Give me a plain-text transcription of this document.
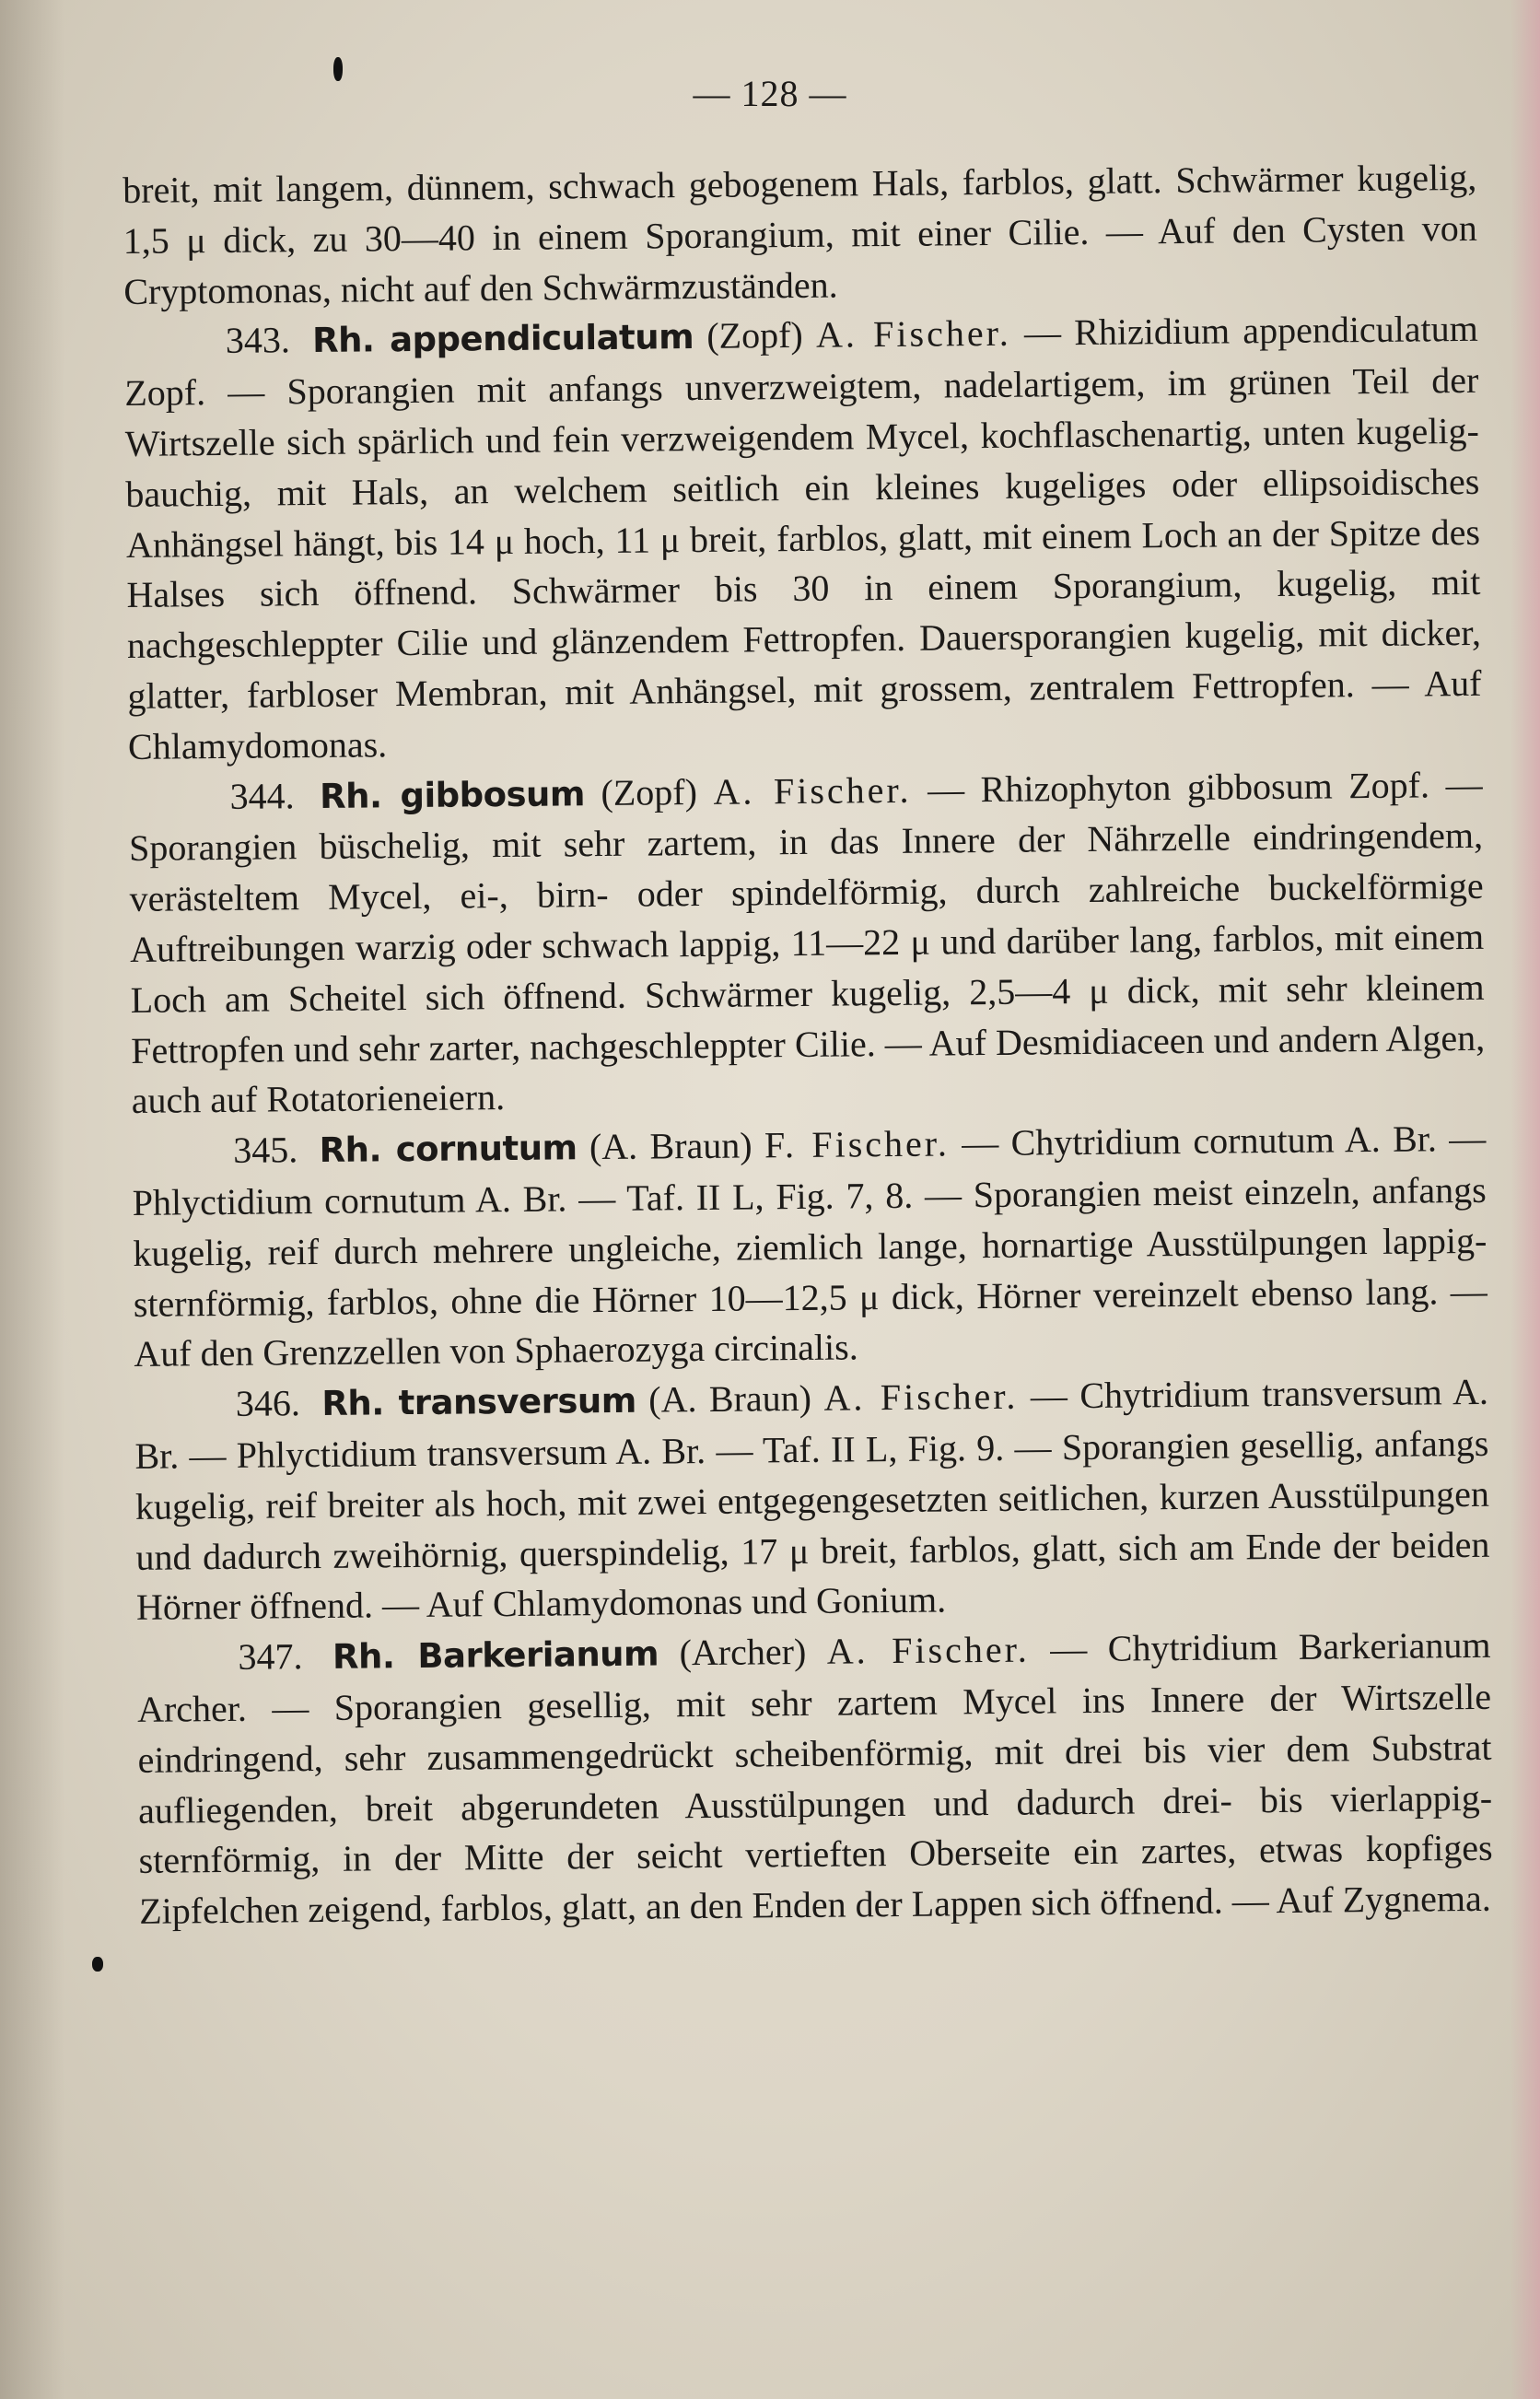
— 128 —

breit, mit langem, dünnem, schwach gebogenem Hals, farblos, glatt. Schwärmer kugelig, 1,5 μ dick, zu 30—40 in einem Sporangium, mit einer Cilie. — Auf den Cysten von Cryptomonas, nicht auf den Schwärmzuständen.

343. Rh. appendiculatum (Zopf) A. Fischer. — Rhizidium appendiculatum Zopf. — Sporangien mit anfangs unverzweigtem, nadelartigem, im grünen Teil der Wirtszelle sich spärlich und fein verzweigendem Mycel, kochflaschenartig, unten kugelig-bauchig, mit Hals, an welchem seitlich ein kleines kugeliges oder ellipsoidisches Anhängsel hängt, bis 14 μ hoch, 11 μ breit, farblos, glatt, mit einem Loch an der Spitze des Halses sich öffnend. Schwärmer bis 30 in einem Sporangium, kugelig, mit nachgeschleppter Cilie und glänzendem Fettropfen. Dauersporangien kugelig, mit dicker, glatter, farbloser Membran, mit Anhängsel, mit grossem, zentralem Fettropfen. — Auf Chlamydomonas.

344. Rh. gibbosum (Zopf) A. Fischer. — Rhizophyton gibbosum Zopf. — Sporangien büschelig, mit sehr zartem, in das Innere der Nährzelle eindringendem, verästeltem Mycel, ei-, birn- oder spindelförmig, durch zahlreiche buckelförmige Auftreibungen warzig oder schwach lappig, 11—22 μ und darüber lang, farblos, mit einem Loch am Scheitel sich öffnend. Schwärmer kugelig, 2,5—4 μ dick, mit sehr kleinem Fettropfen und sehr zarter, nachgeschleppter Cilie. — Auf Desmidiaceen und andern Algen, auch auf Rotatorieneiern.

345. Rh. cornutum (A. Braun) F. Fischer. — Chytridium cornutum A. Br. — Phlyctidium cornutum A. Br. — Taf. II L, Fig. 7, 8. — Sporangien meist einzeln, anfangs kugelig, reif durch mehrere ungleiche, ziemlich lange, hornartige Ausstülpungen lappig-sternförmig, farblos, ohne die Hörner 10—12,5 μ dick, Hörner vereinzelt ebenso lang. — Auf den Grenzzellen von Sphaerozyga circinalis.

346. Rh. transversum (A. Braun) A. Fischer. — Chytridium transversum A. Br. — Phlyctidium transversum A. Br. — Taf. II L, Fig. 9. — Sporangien gesellig, anfangs kugelig, reif breiter als hoch, mit zwei entgegengesetzten seitlichen, kurzen Ausstülpungen und dadurch zweihörnig, querspindelig, 17 μ breit, farblos, glatt, sich am Ende der beiden Hörner öffnend. — Auf Chlamydomonas und Gonium.

347. Rh. Barkerianum (Archer) A. Fischer. — Chytridium Barkerianum Archer. — Sporangien gesellig, mit sehr zartem Mycel ins Innere der Wirtszelle eindringend, sehr zusammengedrückt scheibenförmig, mit drei bis vier dem Substrat aufliegenden, breit abgerundeten Ausstülpungen und dadurch drei- bis vierlappig-sternförmig, in der Mitte der seicht vertieften Oberseite ein zartes, etwas kopfiges Zipfelchen zeigend, farblos, glatt, an den Enden der Lappen sich öffnend. — Auf Zygnema.
